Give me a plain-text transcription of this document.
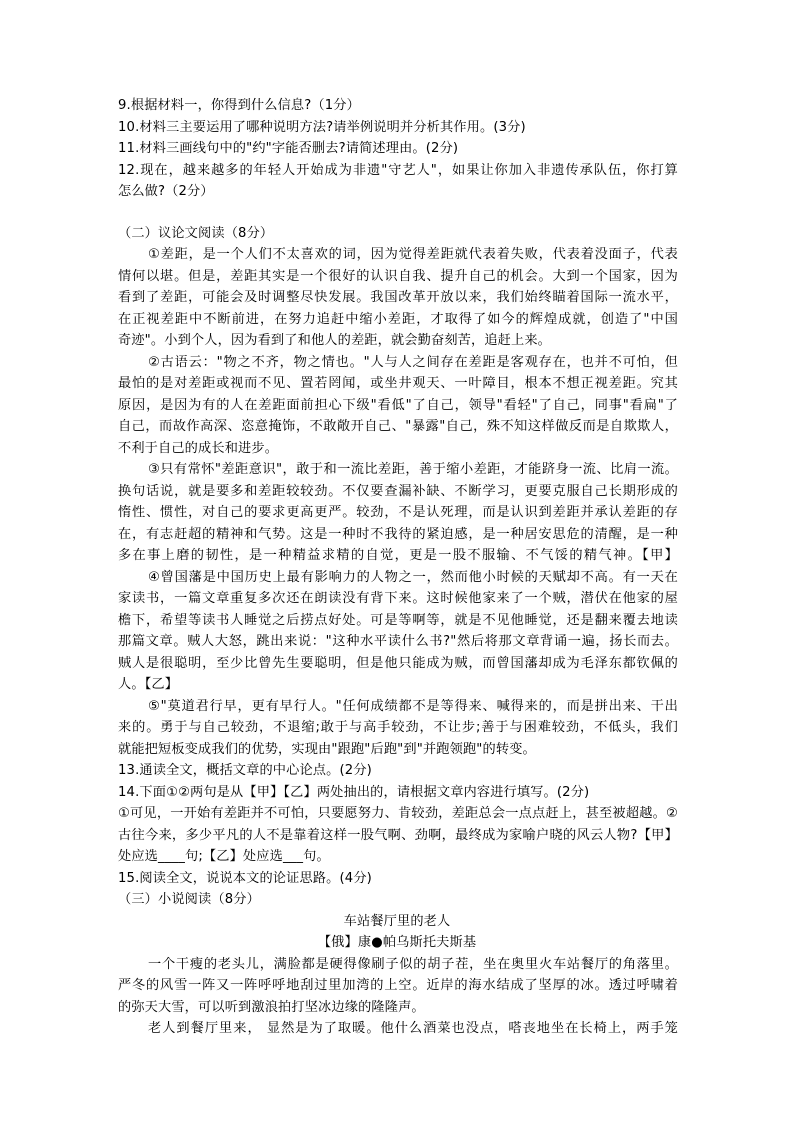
9.根据材料一，你得到什么信息?（1分）
10.材料三主要运用了哪种说明方法?请举例说明并分析其作用。(3分)
11.材料三画线句中的"约"字能否删去?请简述理由。(2分)
12.现在，越来越多的年轻人开始成为非遗"守艺人"，如果让你加入非遗传承队伍，你打算
怎么做?（2分）
（二）议论文阅读（8分）
①差距，是一个人们不太喜欢的词，因为觉得差距就代表着失败，代表着没面子，代表
情何以堪。但是，差距其实是一个很好的认识自我、提升自己的机会。大到一个国家，因为
看到了差距，可能会及时调整尽快发展。我国改革开放以来，我们始终瞄着国际一流水平，
在正视差距中不断前进，在努力追赶中缩小差距，才取得了如今的辉煌成就，创造了"中国
奇迹"。小到个人，因为看到了和他人的差距，就会勤奋刻苦，追赶上来。
②古语云："物之不齐，物之情也。"人与人之间存在差距是客观存在，也并不可怕，但
最怕的是对差距或视而不见、置若罔闻，或坐井观天、一叶障目，根本不想正视差距。究其
原因，是因为有的人在差距面前担心下级"看低"了自己，领导"看轻"了自己，同事"看扁"了
自己，而故作高深、恣意掩饰，不敢敞开自己、"暴露"自己，殊不知这样做反而是自欺欺人，
不利于自己的成长和进步。
③只有常怀"差距意识"，敢于和一流比差距，善于缩小差距，才能跻身一流、比肩一流。
换句话说，就是要多和差距较较劲。不仅要查漏补缺、不断学习，更要克服自己长期形成的
惰性、惯性，对自己的要求更高更严。较劲，不是认死理，而是认识到差距并承认差距的存
在，有志赶超的精神和气势。这是一种时不我待的紧迫感，是一种居安思危的清醒，是一种
多在事上磨的韧性，是一种精益求精的自觉，更是一股不服输、不气馁的精气神。【甲】
④曾国藩是中国历史上最有影响力的人物之一，然而他小时候的天赋却不高。有一天在
家读书，一篇文章重复多次还在朗读没有背下来。这时候他家来了一个贼，潜伏在他家的屋
檐下，希望等读书人睡觉之后捞点好处。可是等啊等，就是不见他睡觉，还是翻来覆去地读
那篇文章。贼人大怒，跳出来说："这种水平读什么书?"然后将那文章背诵一遍，扬长而去。
贼人是很聪明，至少比曾先生要聪明，但是他只能成为贼，而曾国藩却成为毛泽东都钦佩的
人。【乙】
⑤"莫道君行早，更有早行人。"任何成绩都不是等得来、喊得来的，而是拼出来、干出
来的。勇于与自己较劲，不退缩;敢于与高手较劲，不让步;善于与困难较劲，不低头，我们
就能把短板变成我们的优势，实现由"跟跑"后跑"到"并跑领跑"的转变。
13.通读全文，概括文章的中心论点。(2分)
14.下面①②两句是从【甲】【乙】两处抽出的，请根据文章内容进行填写。(2分)
①可见，一开始有差距并不可怕，只要愿努力、肯较劲，差距总会一点点赶上，甚至被超越。②
古往今来，多少平凡的人不是靠着这样一股气啊、劲啊，最终成为家喻户晓的风云人物?【甲】
处应选____句;【乙】处应选___句。
15.阅读全文，说说本文的论证思路。(4分)
（三）小说阅读（8分）
车站餐厅里的老人
【俄】康●帕乌斯托夫斯基
一个干瘦的老头儿，满脸都是硬得像刷子似的胡子茬，坐在奥里火车站餐厅的角落里。
严冬的风雪一阵又一阵呼呼地刮过里加湾的上空。近岸的海水结成了坚厚的冰。透过呼啸着
的弥天大雪，可以听到激浪拍打坚冰边缘的隆隆声。
老人到餐厅里来， 显然是为了取暖。他什么酒菜也没点，嗒丧地坐在长椅上，两手笼
